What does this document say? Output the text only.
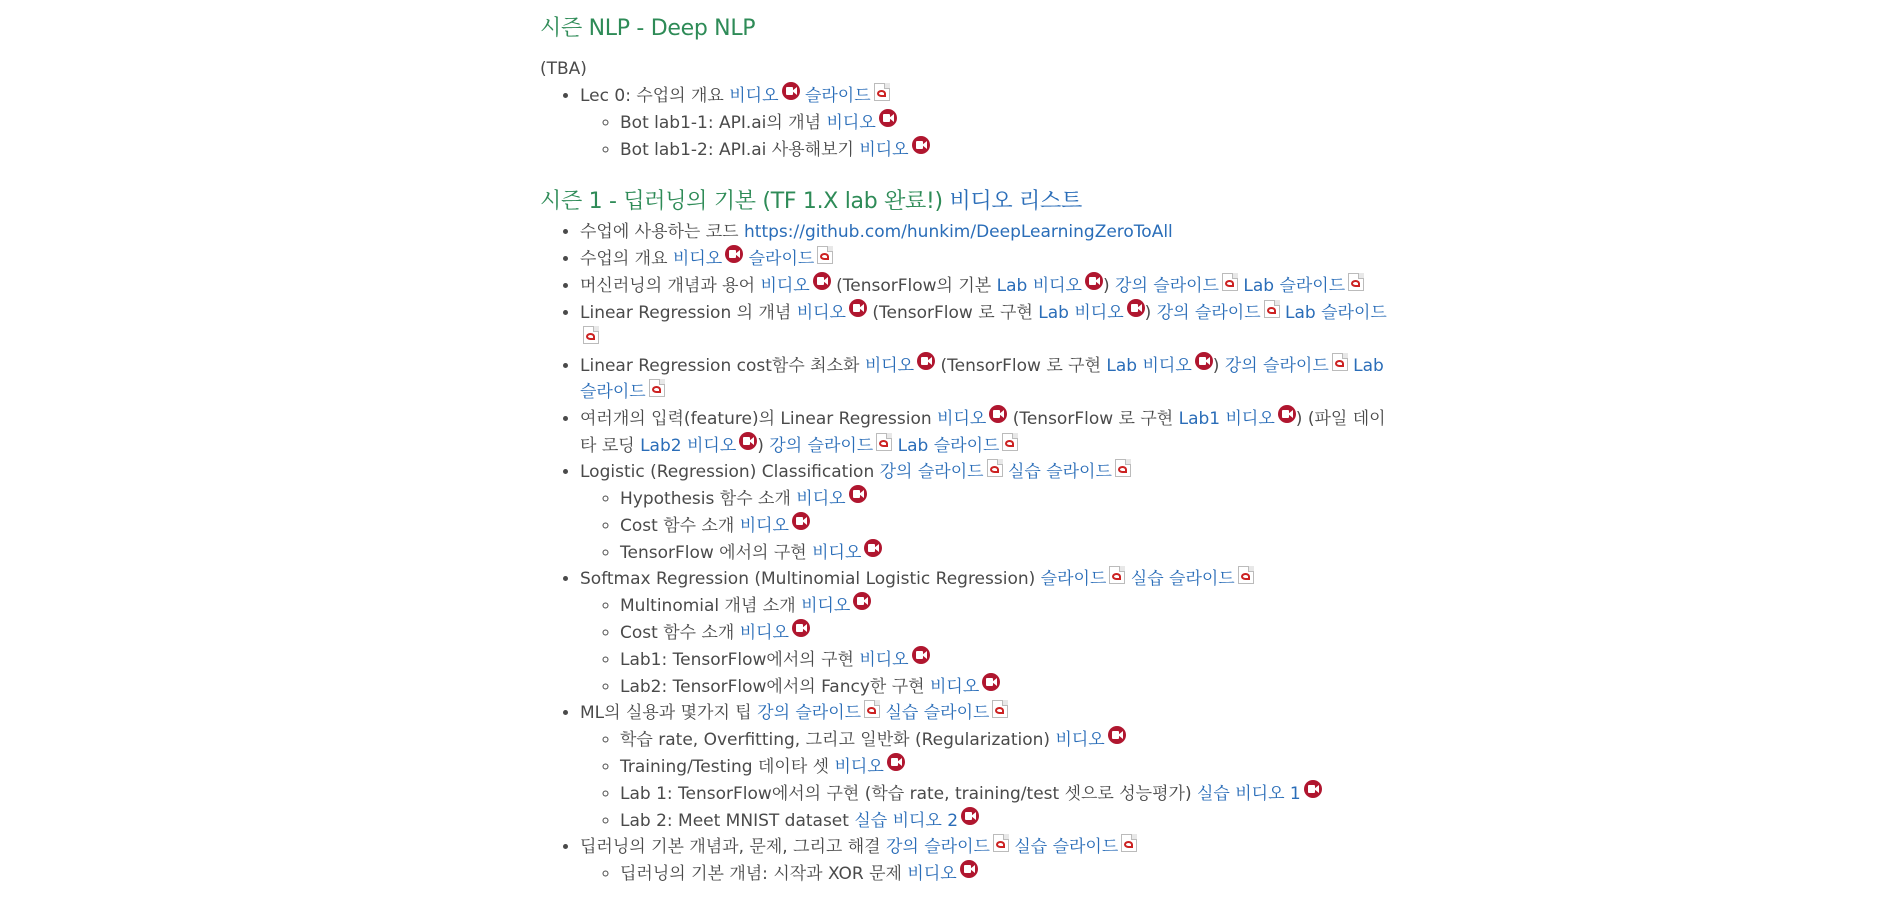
시즌 NLP - Deep NLP
(TBA)
• Lec 0: 수업의 개요 비디오 슬라이드
◦ Bot lab1-1: API.ai의 개념 비디오
◦ Bot lab1-2: API.ai 사용해보기 비디오
시즌 1 - 딥러닝의 기본 (TF 1.X lab 완료!) 비디오 리스트
• 수업에 사용하는 코드 https://github.com/hunkim/DeepLearningZeroToAll
• 수업의 개요 비디오 슬라이드
• 머신러닝의 개념과 용어 비디오 (TensorFlow의 기본 Lab 비디오 ) 강의 슬라이드 Lab 슬라이드
• Linear Regression 의 개념 비디오 (TensorFlow 로 구현 Lab 비디오 ) 강의 슬라이드 Lab 슬라이드
• Linear Regression cost함수 최소화 비디오 (TensorFlow 로 구현 Lab 비디오 ) 강의 슬라이드 Lab 슬라이드
• 여러개의 입력(feature)의 Linear Regression 비디오 (TensorFlow 로 구현 Lab1 비디오 ) (파일 데이타 로딩 Lab2 비디오 ) 강의 슬라이드 Lab 슬라이드
• Logistic (Regression) Classification 강의 슬라이드 실습 슬라이드
◦ Hypothesis 함수 소개 비디오
◦ Cost 함수 소개 비디오
◦ TensorFlow 에서의 구현 비디오
• Softmax Regression (Multinomial Logistic Regression) 슬라이드 실습 슬라이드
◦ Multinomial 개념 소개 비디오
◦ Cost 함수 소개 비디오
◦ Lab1: TensorFlow에서의 구현 비디오
◦ Lab2: TensorFlow에서의 Fancy한 구현 비디오
• ML의 실용과 몇가지 팁 강의 슬라이드 실습 슬라이드
◦ 학습 rate, Overfitting, 그리고 일반화 (Regularization) 비디오
◦ Training/Testing 데이타 셋 비디오
◦ Lab 1: TensorFlow에서의 구현 (학습 rate, training/test 셋으로 성능평가) 실습 비디오 1
◦ Lab 2: Meet MNIST dataset 실습 비디오 2
• 딥러닝의 기본 개념과, 문제, 그리고 해결 강의 슬라이드 실습 슬라이드
◦ 딥러닝의 기본 개념: 시작과 XOR 문제 비디오
